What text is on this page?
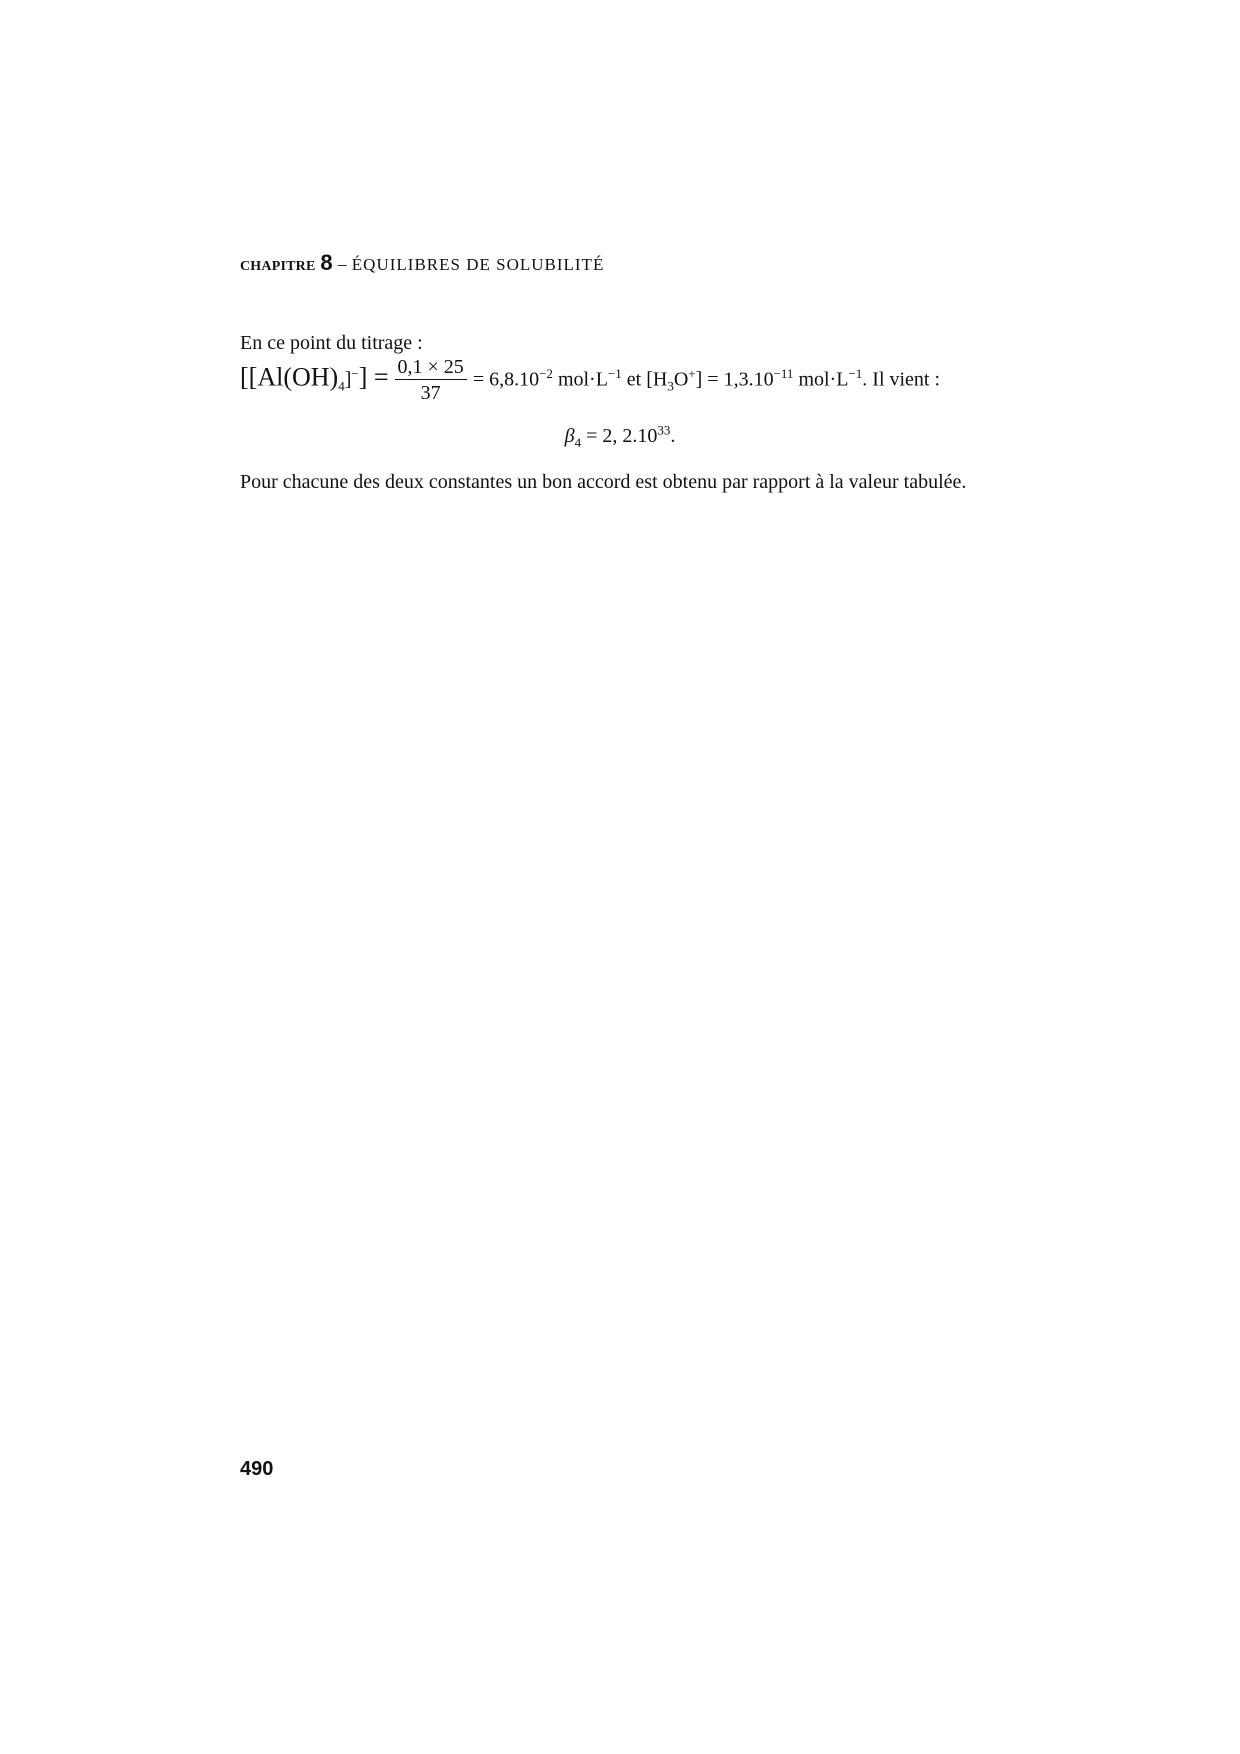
CHAPITRE 8 – ÉQUILIBRES DE SOLUBILITÉ
En ce point du titrage :
$[[Al(OH)_4]^-] = \frac{0,1 \times 25}{37} = 6,8.10^{-2}$ $mol\cdot L^{-1}$ et $[H_3O^+] = 1,3.10^{-11}$ $mol\cdot L^{-1}$. Il vient :
$\beta_4 = 2$, 2.10$^{33}$.
Pour chacune des deux constantes un bon accord est obtenu par rapport à la valeur tabulée.
490
